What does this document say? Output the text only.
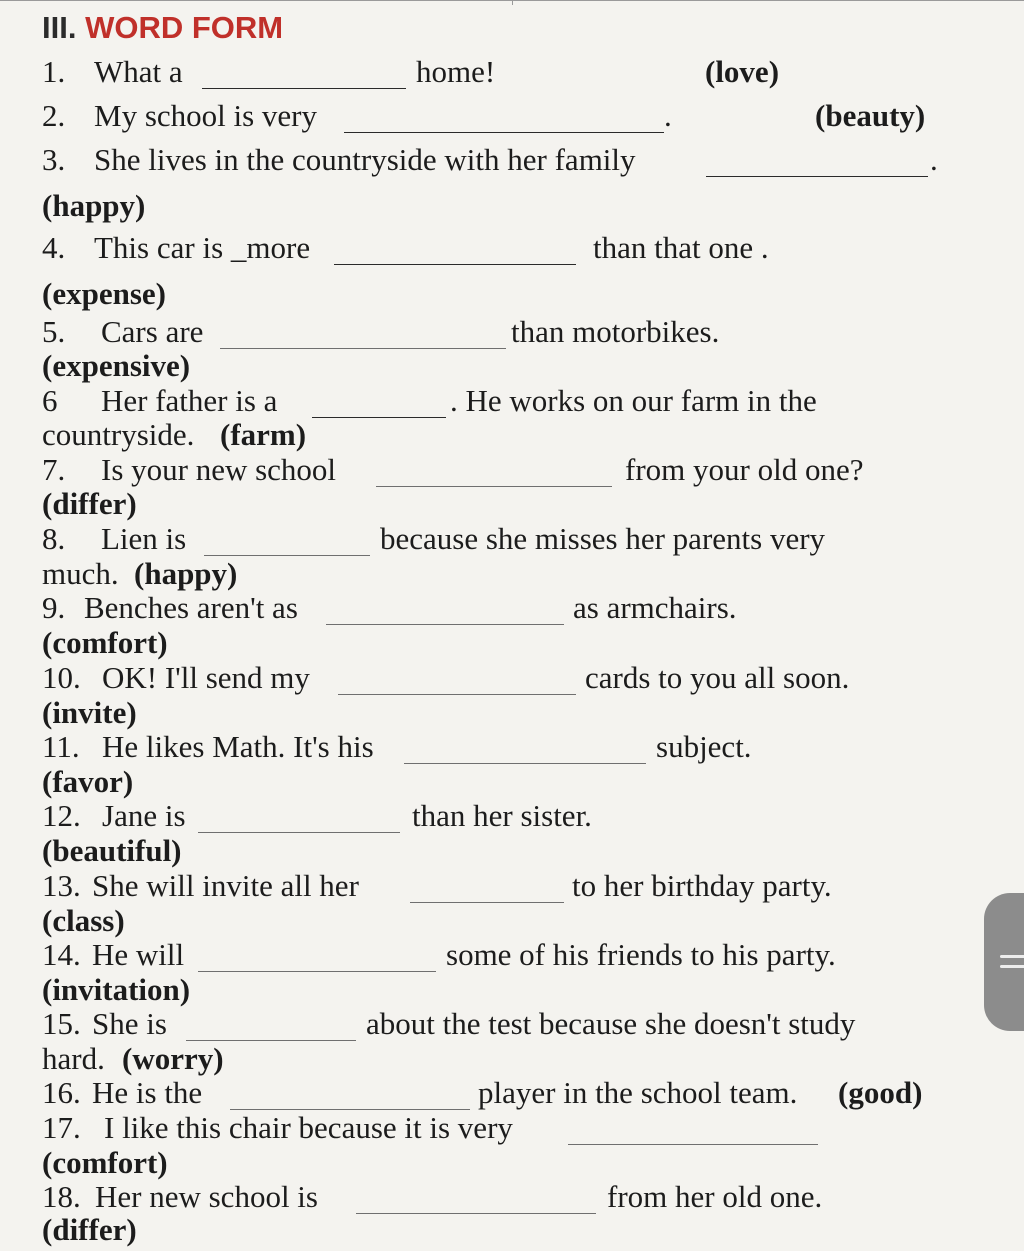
III. WORD FORM
1. What a	home!	(love)
2. My school is very	.	(beauty)
3. She lives in the countryside with her family	.
(happy)
4. This car is _more	than that one .
(expense)
5. Cars are	than motorbikes.
(expensive)
6 Her father is a	. He works on our farm in the
countryside. (farm)
7. Is your new school	from your old one?
(differ)
8. Lien is	because she misses her parents very
much. (happy)
9. Benches aren't as	as armchairs.
(comfort)
10. OK! I'll send my	cards to you all soon.
(invite)
11. He likes Math. It's his	subject.
(favor)
12. Jane is	than her sister.
(beautiful)
13. She will invite all her	to her birthday party.
(class)
14. He will	some of his friends to his party.
(invitation)
15. She is	about the test because she doesn't study
hard. (worry)
16. He is the	player in the school team. (good)
17. I like this chair because it is very
(comfort)
18. Her new school is	from her old one.
(differ)
